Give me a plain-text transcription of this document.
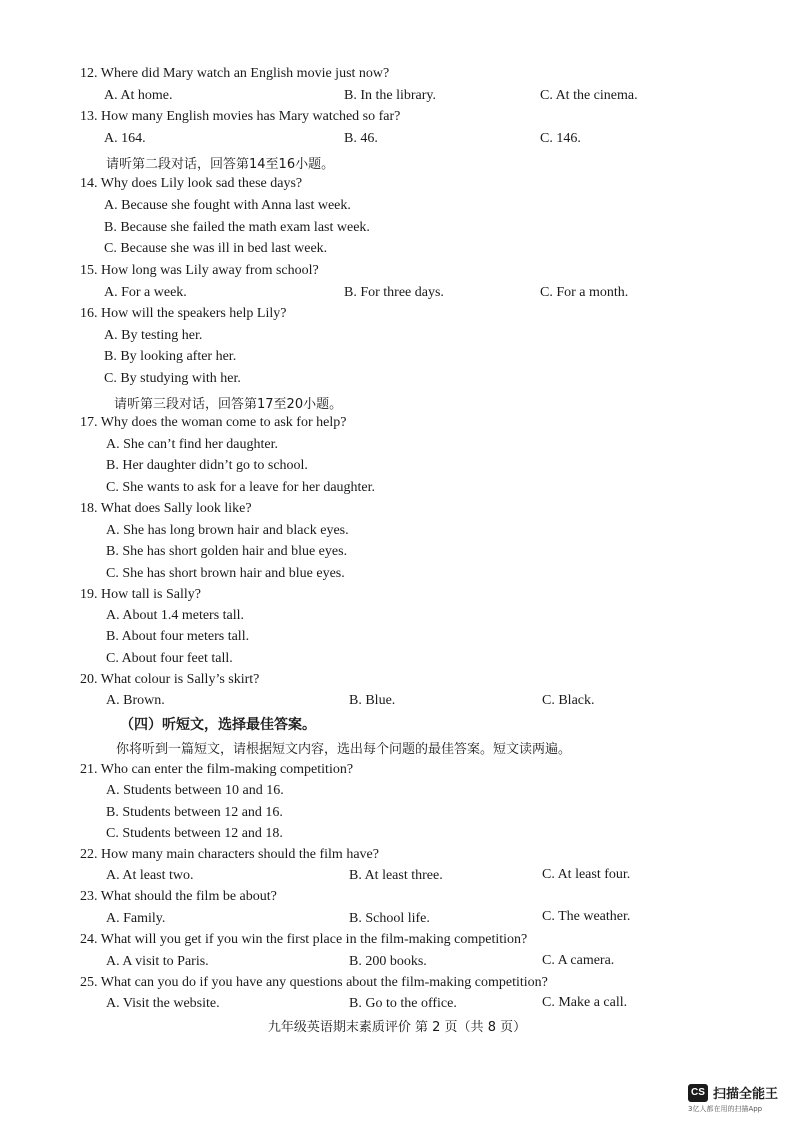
12. Where did Mary watch an English movie just now?
A. At home.	B. In the library.	C. At the cinema.
13. How many English movies has Mary watched so far?
A. 164.	B. 46.	C. 146.
请听第二段对话，回答第14至16小题。
14. Why does Lily look sad these days?
A. Because she fought with Anna last week.
B. Because she failed the math exam last week.
C. Because she was ill in bed last week.
15. How long was Lily away from school?
A. For a week.	B. For three days.	C. For a month.
16. How will the speakers help Lily?
A. By testing her.
B. By looking after her.
C. By studying with her.
请听第三段对话，回答第17至20小题。
17. Why does the woman come to ask for help?
A. She can’t find her daughter.
B. Her daughter didn’t go to school.
C. She wants to ask for a leave for her daughter.
18. What does Sally look like?
A. She has long brown hair and black eyes.
B. She has short golden hair and blue eyes.
C. She has short brown hair and blue eyes.
19. How tall is Sally?
A. About 1.4 meters tall.
B. About four meters tall.
C. About four feet tall.
20. What colour is Sally’s skirt?
A. Brown.	B. Blue.	C. Black.
（四）听短文，选择最佳答案。
你将听到一篇短文，请根据短文内容，选出每个问题的最佳答案。短文读两遍。
21. Who can enter the film-making competition?
A. Students between 10 and 16.
B. Students between 12 and 16.
C. Students between 12 and 18.
22. How many main characters should the film have?
A. At least two.	B. At least three.	C. At least four.
23. What should the film be about?
A. Family.	B. School life.	C. The weather.
24. What will you get if you win the first place in the film-making competition?
A. A visit to Paris.	B. 200 books.	C. A camera.
25. What can you do if you have any questions about the film-making competition?
A. Visit the website.	B. Go to the office.	C. Make a call.
九年级英语期末素质评价 第 2 页（共 8 页）
CS 扫描全能王
3亿人都在用的扫描App
